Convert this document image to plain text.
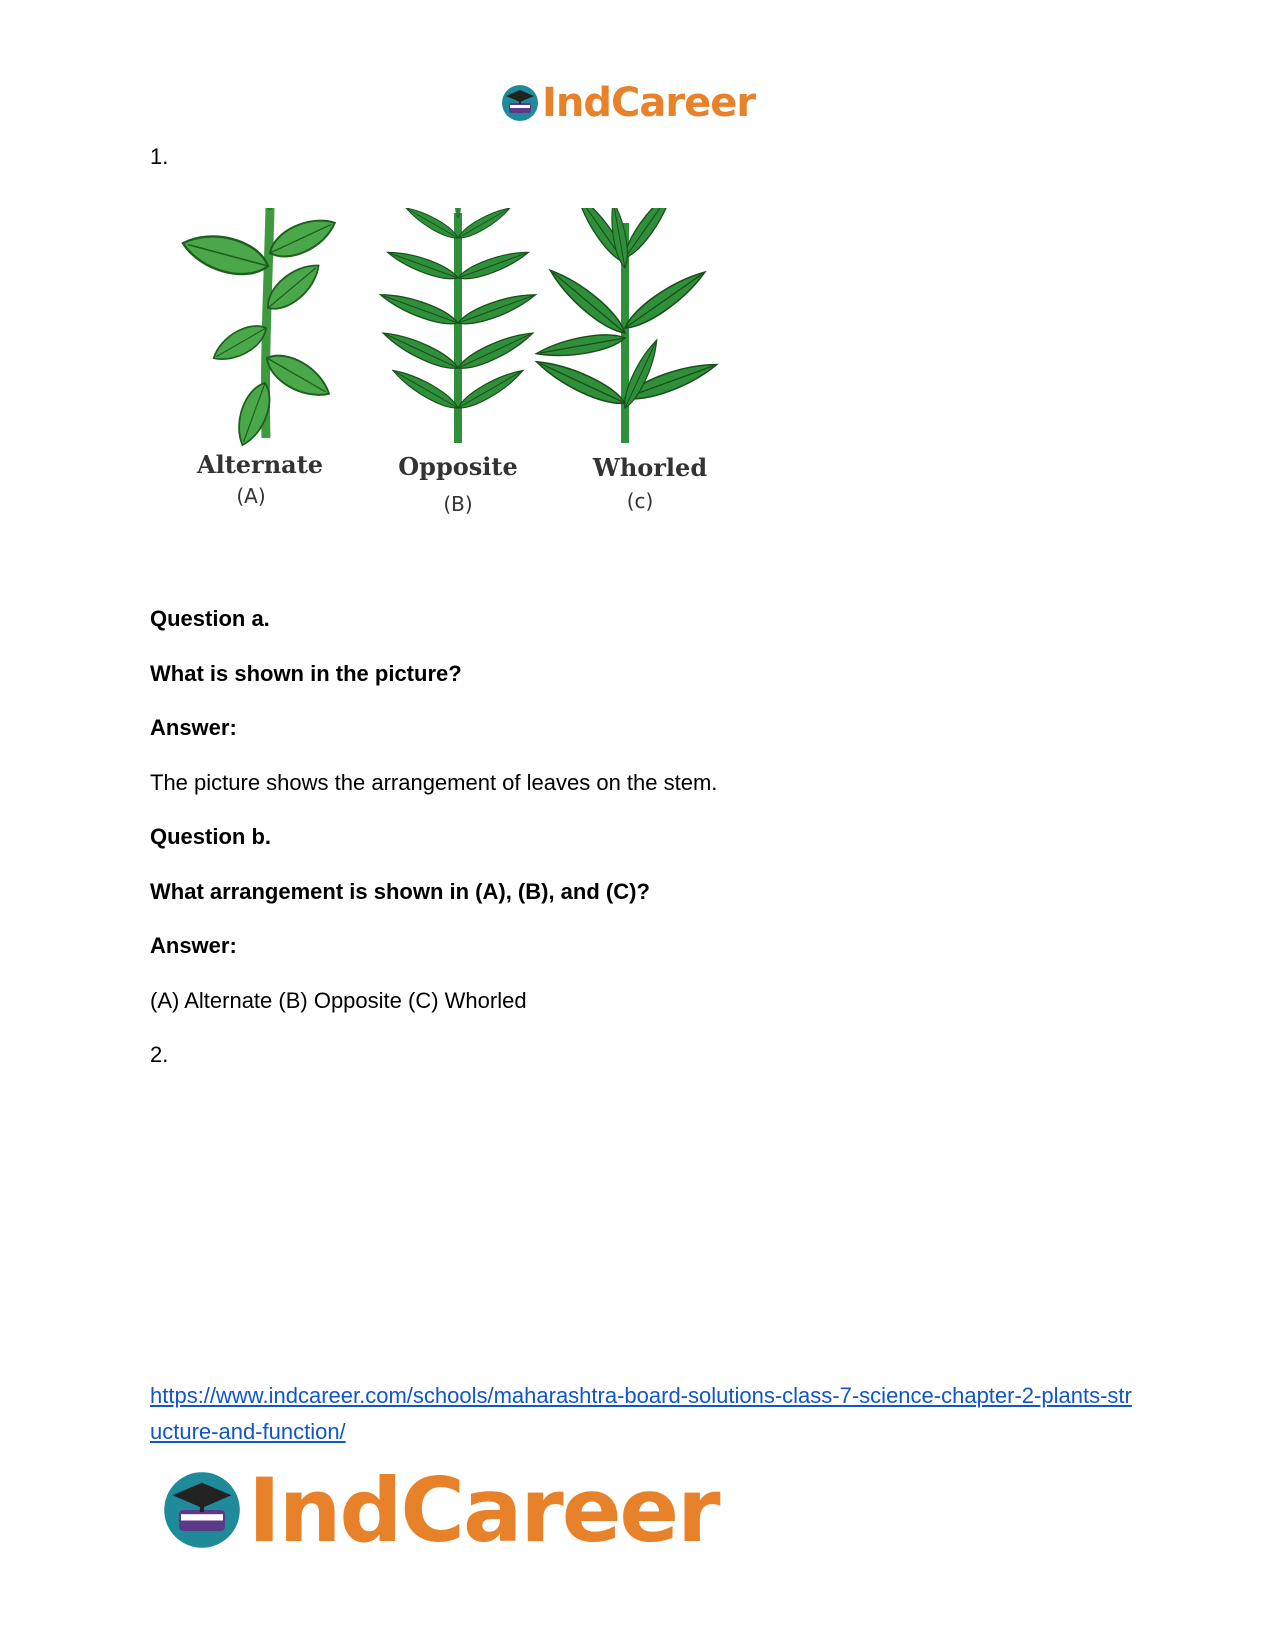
IndCareer
1.
Alternate
(A)
Opposite
(B)
Whorled
(c)
Question a.
What is shown in the picture?
Answer:
The picture shows the arrangement of leaves on the stem.
Question b.
What arrangement is shown in (A), (B), and (C)?
Answer:
(A) Alternate (B) Opposite (C) Whorled
2.
https://www.indcareer.com/schools/maharashtra-board-solutions-class-7-science-chapter-2-plants-structure-and-function/
IndCareer
